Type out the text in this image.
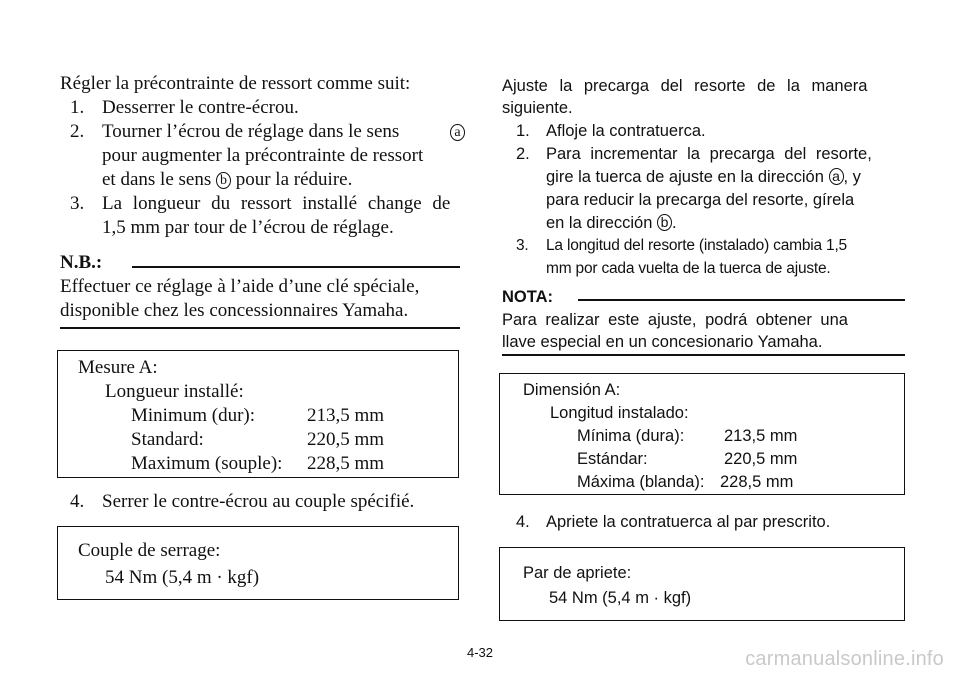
Régler la précontrainte de ressort comme suit:
1. Desserrer le contre-écrou.
2. Tourner l’écrou de réglage dans le sens	a
pour augmenter la précontrainte de ressort
et dans le sens b pour la réduire.
3. La longueur du ressort installé change de
1,5 mm par tour de l’écrou de réglage.
N.B.:
Effectuer ce réglage à l’aide d’une clé spéciale,
disponible chez les concessionnaires Yamaha.
Mesure A:
Longueur installé:
Minimum (dur):	213,5 mm
Standard:	220,5 mm
Maximum (souple): 228,5 mm
4. Serrer le contre-écrou au couple spécifié.
Couple de serrage:
54 Nm (5,4 m · kgf)
Ajuste la precarga del resorte de la manera
siguiente.
1. Afloje la contratuerca.
2. Para incrementar la precarga del resorte,
gire la tuerca de ajuste en la dirección a , y
para reducir la precarga del resorte, gírela
en la dirección b .
3. La longitud del resorte (instalado) cambia 1,5
mm por cada vuelta de la tuerca de ajuste.
NOTA:
Para realizar este ajuste, podrá obtener una
llave especial en un concesionario Yamaha.
Dimensión A:
Longitud instalado:
Mínima (dura): 213,5 mm
Estándar:	220,5 mm
Máxima (blanda): 228,5 mm
4. Apriete la contratuerca al par prescrito.
Par de apriete:
54 Nm (5,4 m · kgf)
4-32	carmanualsonline.info
